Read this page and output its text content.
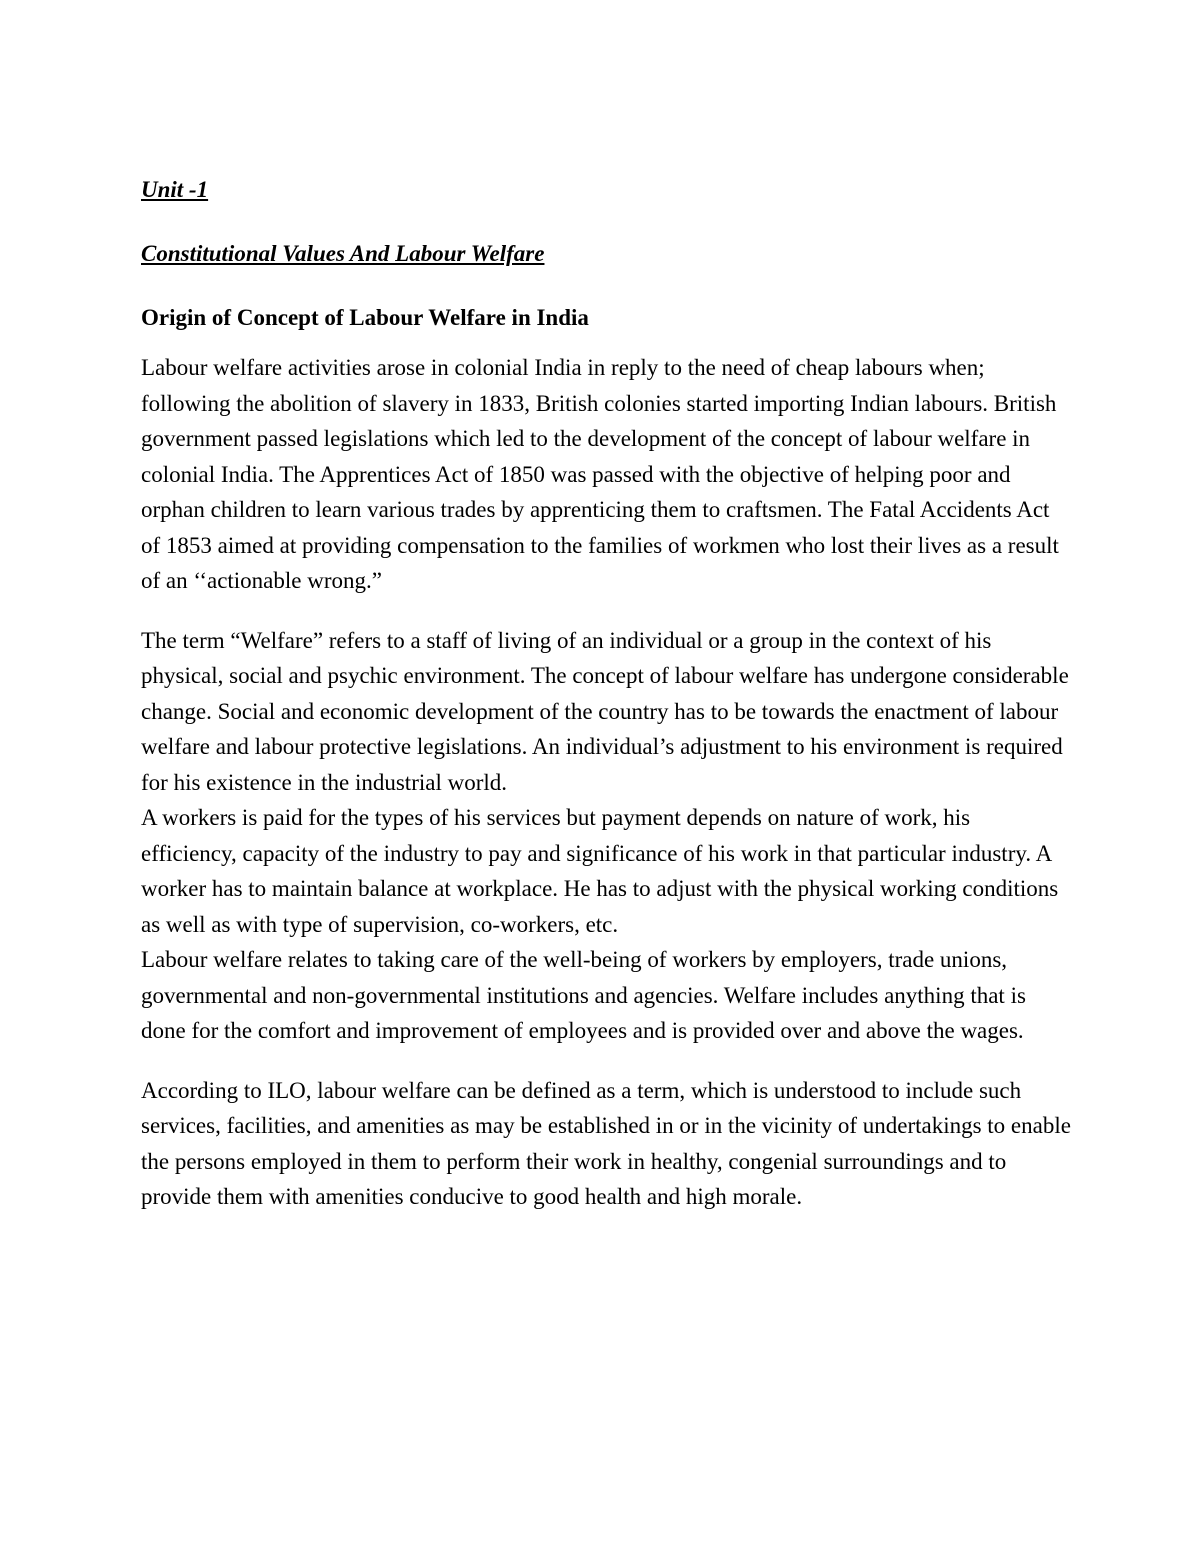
Unit -1
Constitutional Values And Labour Welfare
Origin of Concept of Labour Welfare in India

Labour welfare activities arose in colonial India in reply to the need of cheap labours when; following the abolition of slavery in 1833, British colonies started importing Indian labours. British government passed legislations which led to the development of the concept of labour welfare in colonial India. The Apprentices Act of 1850 was passed with the objective of helping poor and orphan children to learn various trades by apprenticing them to craftsmen. The Fatal Accidents Act of 1853 aimed at providing compensation to the families of workmen who lost their lives as a result of an ‘‘actionable wrong.”

The term “Welfare” refers to a staff of living of an individual or a group in the context of his physical, social and psychic environment. The concept of labour welfare has undergone considerable change. Social and economic development of the country has to be towards the enactment of labour welfare and labour protective legislations. An individual’s adjustment to his environment is required for his existence in the industrial world.

A workers is paid for the types of his services but payment depends on nature of work, his efficiency, capacity of the industry to pay and significance of his work in that particular industry. A worker has to maintain balance at workplace. He has to adjust with the physical working conditions as well as with type of supervision, co-workers, etc.

Labour welfare relates to taking care of the well-being of workers by employers, trade unions, governmental and non-governmental institutions and agencies. Welfare includes anything that is done for the comfort and improvement of employees and is provided over and above the wages.

According to ILO, labour welfare can be defined as a term, which is understood to include such services, facilities, and amenities as may be established in or in the vicinity of undertakings to enable the persons employed in them to perform their work in healthy, congenial surroundings and to provide them with amenities conducive to good health and high morale.
